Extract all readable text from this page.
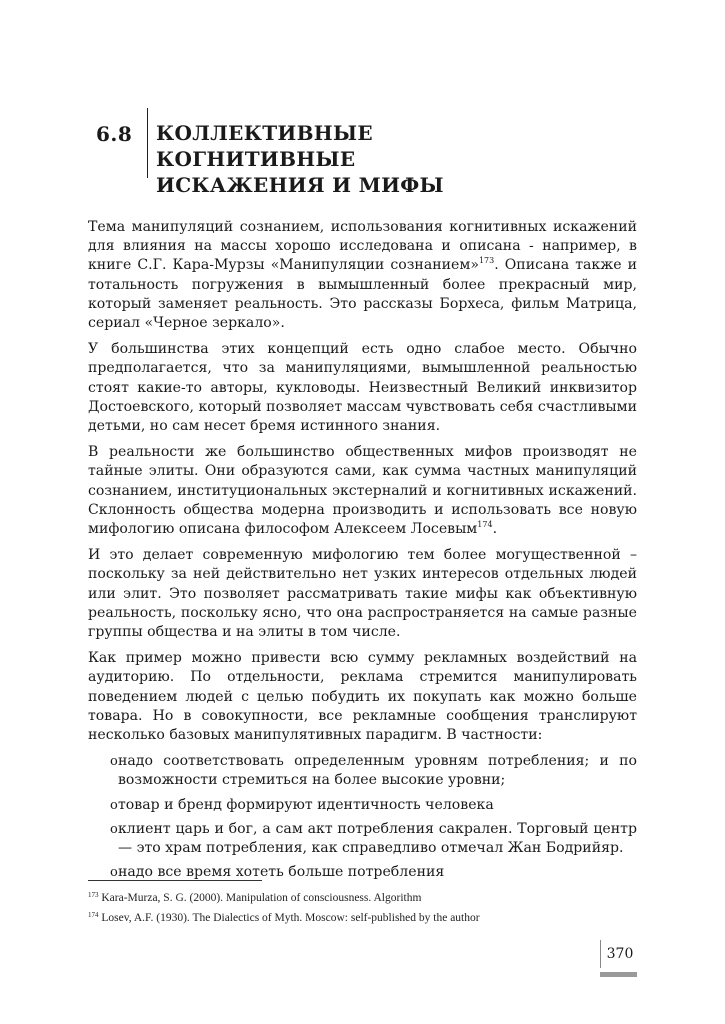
6.8 КОЛЛЕКТИВНЫЕ КОГНИТИВНЫЕ
ИСКАЖЕНИЯ И МИФЫ

Тема манипуляций сознанием, использования когнитивных искажений для влияния на массы хорошо исследована и описана - например, в книге С.Г. Кара-Мурзы «Манипуляции сознанием»$^{173}$. Описана также и тотальность погружения в вымышленный более прекрасный мир, который заменяет реальность. Это рассказы Борхеса, фильм Матрица, сериал «Черное зеркало».

У большинства этих концепций есть одно слабое место. Обычно предполагается, что за манипуляциями, вымышленной реальностью стоят какие-то авторы, кукловоды. Неизвестный Великий инквизитор Достоевского, который позволяет массам чувствовать себя счастливыми детьми, но сам несет бремя истинного знания.

В реальности же большинство общественных мифов производят не тайные элиты. Они образуются сами, как сумма частных манипуляций сознанием, институциональных экстерналий и когнитивных искажений. Склонность общества модерна производить и использовать все новую мифологию описана философом Алексеем Лосевым$^{174}$.

И это делает современную мифологию тем более могущественной – поскольку за ней действительно нет узких интересов отдельных людей или элит. Это позволяет рассматривать такие мифы как объективную реальность, поскольку ясно, что она распространяется на самые разные группы общества и на элиты в том числе.

Как пример можно привести всю сумму рекламных воздействий на аудиторию. По отдельности, реклама стремится манипулировать поведением людей с целью побудить их покупать как можно больше товара. Но в совокупности, все рекламные сообщения транслируют несколько базовых манипулятивных парадигм. В частности:

o надо соответствовать определенным уровням потребления; и по возможности стремиться на более высокие уровни;
o товар и бренд формируют идентичность человека
o клиент царь и бог, а сам акт потребления сакрален. Торговый центр — это храм потребления, как справедливо отмечал Жан Бодрийяр.
o надо все время хотеть больше потребления
$^{173}$ Kara-Murza, S. G. (2000). Manipulation of consciousness. Algorithm
$^{174}$ Losev, A.F. (1930). The Dialectics of Myth. Moscow: self-published by the author
370
